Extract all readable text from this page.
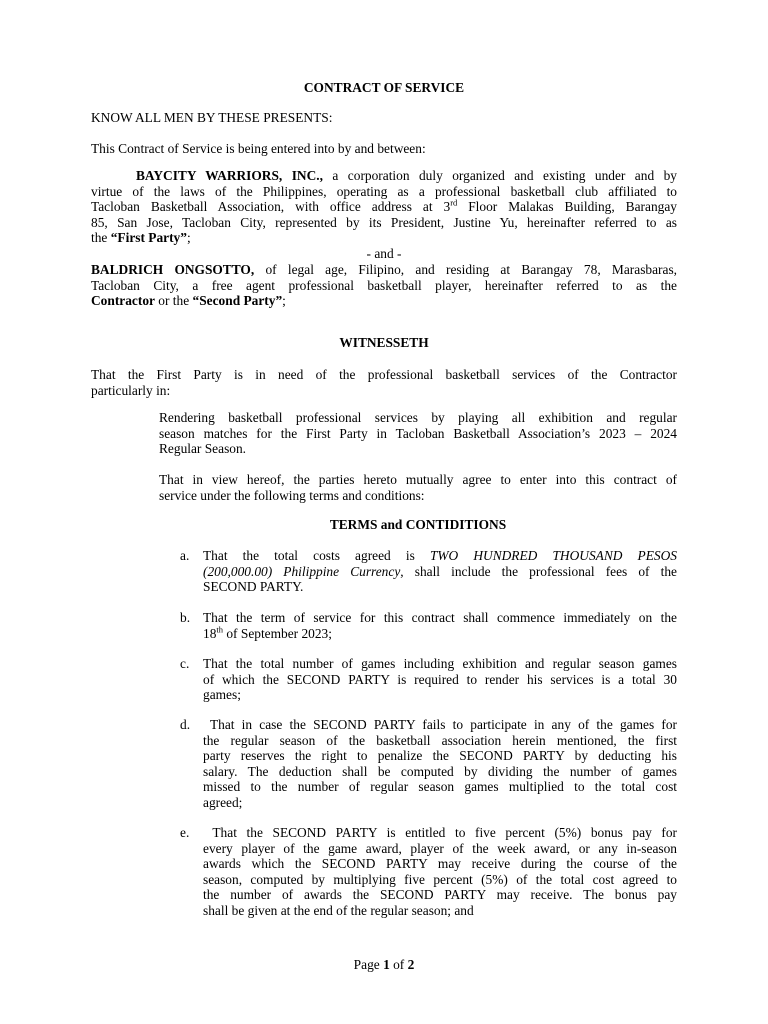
CONTRACT OF SERVICE
KNOW ALL MEN BY THESE PRESENTS:
This Contract of Service is being entered into by and between:
BAYCITY WARRIORS, INC., a corporation duly organized and existing under and by
virtue of the laws of the Philippines, operating as a professional basketball club affiliated to
Tacloban Basketball Association, with office address at 3rd Floor Malakas Building, Barangay
85, San Jose, Tacloban City, represented by its President, Justine Yu, hereinafter referred to as
the “First Party”;
- and -
BALDRICH ONGSOTTO, of legal age, Filipino, and residing at Barangay 78, Marasbaras,
Tacloban City, a free agent professional basketball player, hereinafter referred to as the
Contractor or the “Second Party”;
WITNESSETH
That the First Party is in need of the professional basketball services of the Contractor
particularly in:
Rendering basketball professional services by playing all exhibition and regular
season matches for the First Party in Tacloban Basketball Association’s 2023 – 2024
Regular Season.
That in view hereof, the parties hereto mutually agree to enter into this contract of
service under the following terms and conditions:
TERMS and CONTIDITIONS
a. That the total costs agreed is TWO HUNDRED THOUSAND PESOS
(200,000.00) Philippine Currency, shall include the professional fees of the
SECOND PARTY.
b. That the term of service for this contract shall commence immediately on the
18th of September 2023;
c. That the total number of games including exhibition and regular season games
of which the SECOND PARTY is required to render his services is a total 30
games;
d. That in case the SECOND PARTY fails to participate in any of the games for
the regular season of the basketball association herein mentioned, the first
party reserves the right to penalize the SECOND PARTY by deducting his
salary. The deduction shall be computed by dividing the number of games
missed to the number of regular season games multiplied to the total cost
agreed;
e. That the SECOND PARTY is entitled to five percent (5%) bonus pay for
every player of the game award, player of the week award, or any in-season
awards which the SECOND PARTY may receive during the course of the
season, computed by multiplying five percent (5%) of the total cost agreed to
the number of awards the SECOND PARTY may receive. The bonus pay
shall be given at the end of the regular season; and
Page 1 of 2
